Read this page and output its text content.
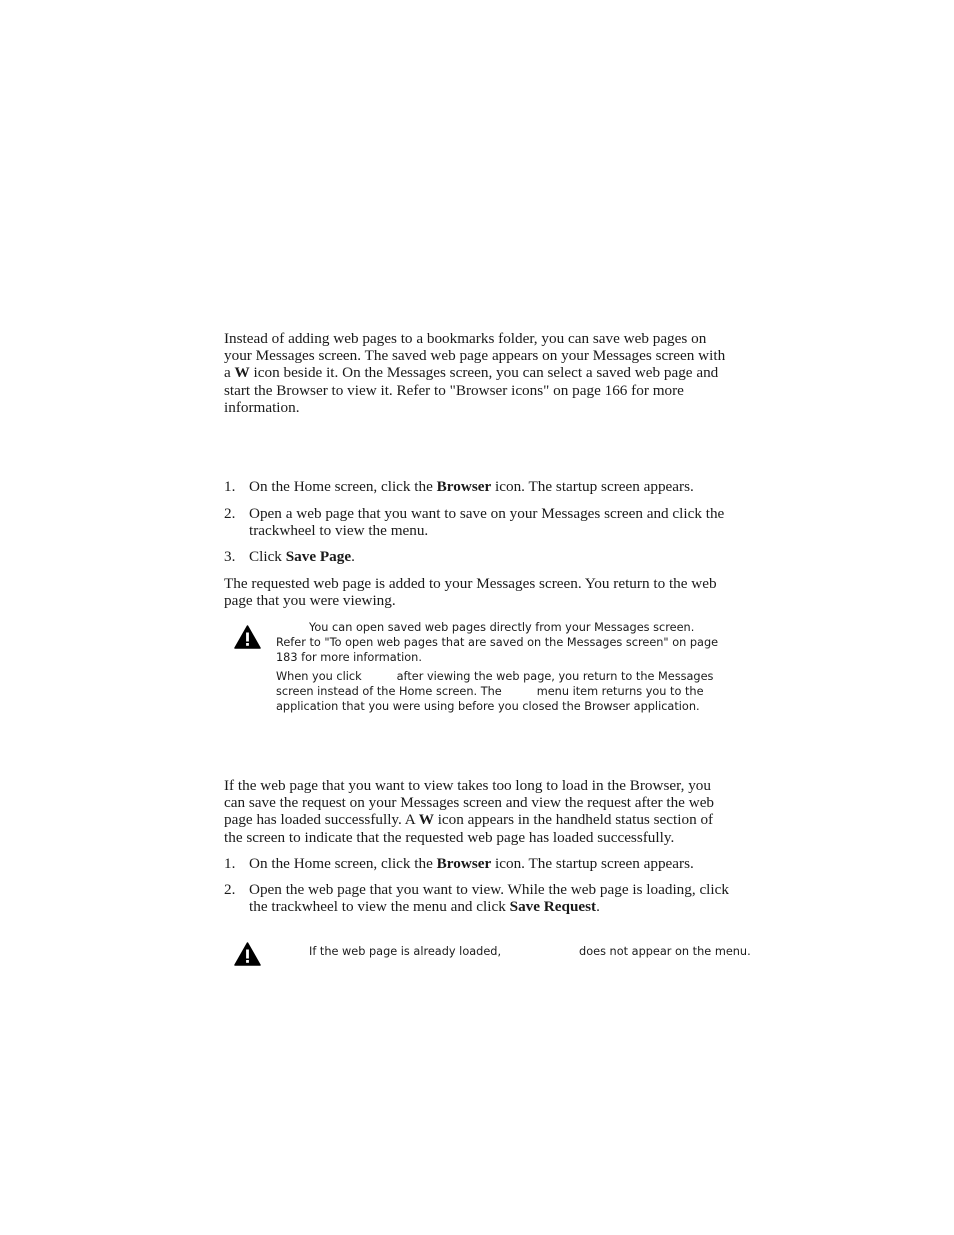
Instead of adding web pages to a bookmarks folder, you can save web pages on your Messages screen. The saved web page appears on your Messages screen with a W icon beside it. On the Messages screen, you can select a saved web page and start the Browser to view it. Refer to "Browser icons" on page 166 for more information.

1. On the Home screen, click the Browser icon. The startup screen appears.
2. Open a web page that you want to save on your Messages screen and click the trackwheel to view the menu.
3. Click Save Page.

The requested web page is added to your Messages screen. You return to the web page that you were viewing.

You can open saved web pages directly from your Messages screen. Refer to "To open web pages that are saved on the Messages screen" on page 183 for more information.

When you click	after viewing the web page, you return to the Messages screen instead of the Home screen. The	menu item returns you to the application that you were using before you closed the Browser application.

If the web page that you want to view takes too long to load in the Browser, you can save the request on your Messages screen and view the request after the web page has loaded successfully. A W icon appears in the handheld status section of the screen to indicate that the requested web page has loaded successfully.

1. On the Home screen, click the Browser icon. The startup screen appears.
2. Open the web page that you want to view. While the web page is loading, click the trackwheel to view the menu and click Save Request.

If the web page is already loaded,	does not appear on the menu.
